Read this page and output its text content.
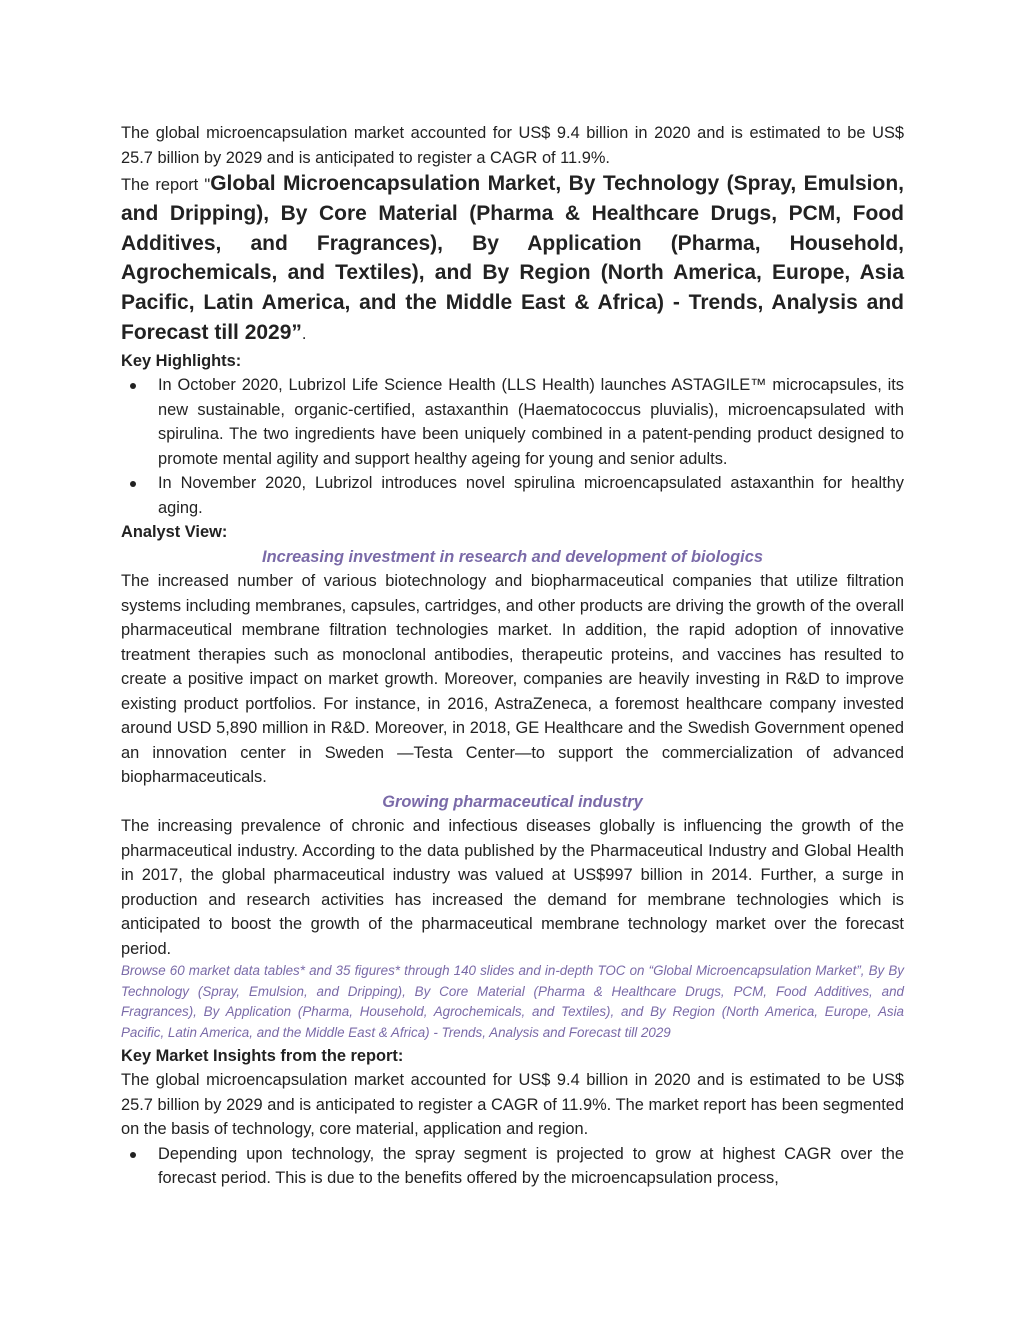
The global microencapsulation market accounted for US$ 9.4 billion in 2020 and is estimated to be US$ 25.7 billion by 2029 and is anticipated to register a CAGR of 11.9%.

The report "Global Microencapsulation Market, By Technology (Spray, Emulsion, and Dripping), By Core Material (Pharma & Healthcare Drugs, PCM, Food Additives, and Fragrances), By Application (Pharma, Household, Agrochemicals, and Textiles), and By Region (North America, Europe, Asia Pacific, Latin America, and the Middle East & Africa) - Trends, Analysis and Forecast till 2029”.

Key Highlights:

In October 2020, Lubrizol Life Science Health (LLS Health) launches ASTAGILE™ microcapsules, its new sustainable, organic-certified, astaxanthin (Haematococcus pluvialis), microencapsulated with spirulina. The two ingredients have been uniquely combined in a patent-pending product designed to promote mental agility and support healthy ageing for young and senior adults.
In November 2020, Lubrizol introduces novel spirulina microencapsulated astaxanthin for healthy aging.

Analyst View:

Increasing investment in research and development of biologics

The increased number of various biotechnology and biopharmaceutical companies that utilize filtration systems including membranes, capsules, cartridges, and other products are driving the growth of the overall pharmaceutical membrane filtration technologies market. In addition, the rapid adoption of innovative treatment therapies such as monoclonal antibodies, therapeutic proteins, and vaccines has resulted to create a positive impact on market growth. Moreover, companies are heavily investing in R&D to improve existing product portfolios. For instance, in 2016, AstraZeneca, a foremost healthcare company invested around USD 5,890 million in R&D. Moreover, in 2018, GE Healthcare and the Swedish Government opened an innovation center in Sweden —Testa Center—to support the commercialization of advanced biopharmaceuticals.

Growing pharmaceutical industry

The increasing prevalence of chronic and infectious diseases globally is influencing the growth of the pharmaceutical industry. According to the data published by the Pharmaceutical Industry and Global Health in 2017, the global pharmaceutical industry was valued at US$997 billion in 2014. Further, a surge in production and research activities has increased the demand for membrane technologies which is anticipated to boost the growth of the pharmaceutical membrane technology market over the forecast period.

Browse 60 market data tables* and 35 figures* through 140 slides and in-depth TOC on “Global Microencapsulation Market”, By By Technology (Spray, Emulsion, and Dripping), By Core Material (Pharma & Healthcare Drugs, PCM, Food Additives, and Fragrances), By Application (Pharma, Household, Agrochemicals, and Textiles), and By Region (North America, Europe, Asia Pacific, Latin America, and the Middle East & Africa) - Trends, Analysis and Forecast till 2029

Key Market Insights from the report:

The global microencapsulation market accounted for US$ 9.4 billion in 2020 and is estimated to be US$ 25.7 billion by 2029 and is anticipated to register a CAGR of 11.9%. The market report has been segmented on the basis of technology, core material, application and region.

Depending upon technology, the spray segment is projected to grow at highest CAGR over the forecast period. This is due to the benefits offered by the microencapsulation process,
